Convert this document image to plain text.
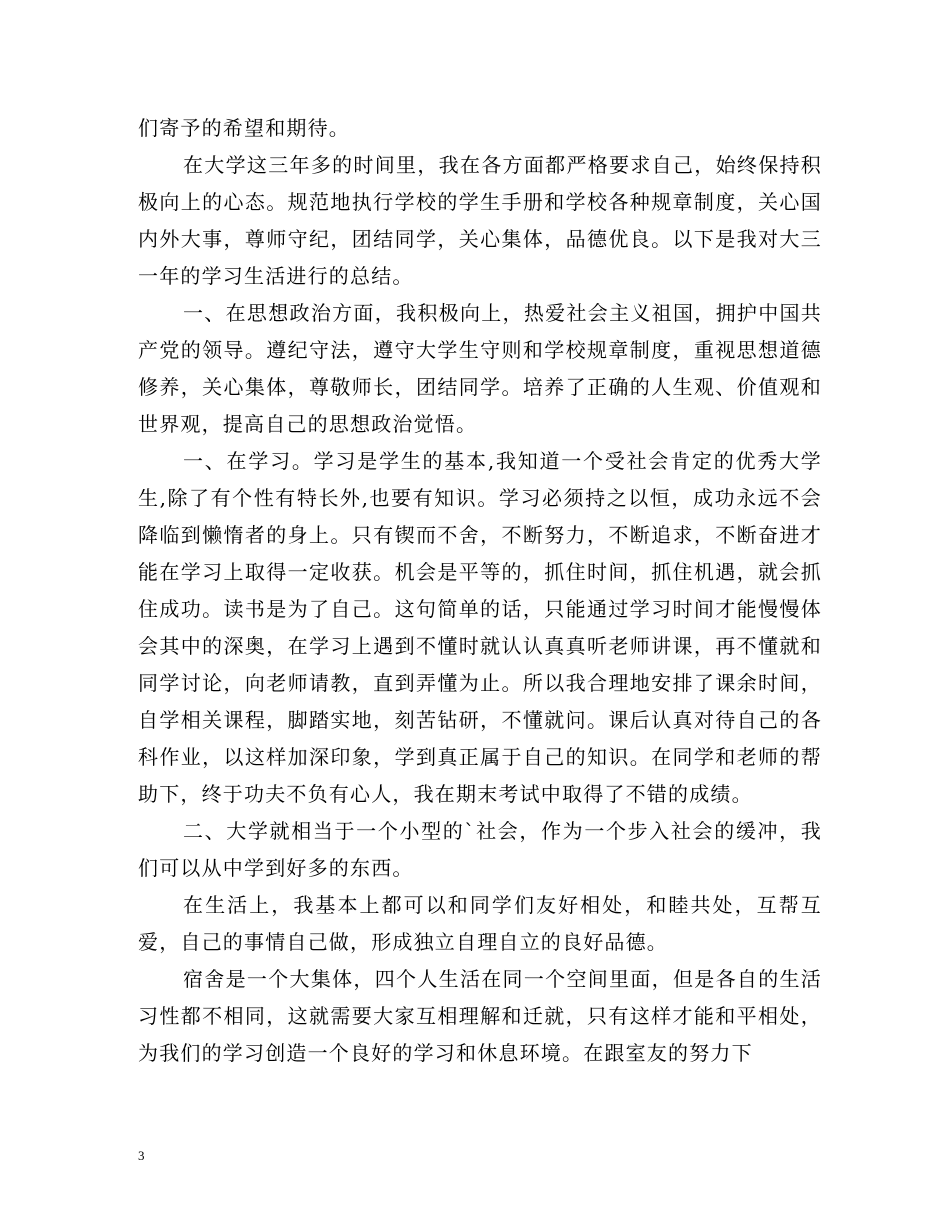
们寄予的希望和期待。

在大学这三年多的时间里，我在各方面都严格要求自己，始终保持积极向上的心态。规范地执行学校的学生手册和学校各种规章制度，关心国内外大事，尊师守纪，团结同学，关心集体，品德优良。以下是我对大三一年的学习生活进行的总结。

一、在思想政治方面，我积极向上，热爱社会主义祖国，拥护中国共产党的领导。遵纪守法，遵守大学生守则和学校规章制度，重视思想道德修养，关心集体，尊敬师长，团结同学。培养了正确的人生观、价值观和世界观，提高自己的思想政治觉悟。

一、在学习。学习是学生的基本,我知道一个受社会肯定的优秀大学生,除了有个性有特长外,也要有知识。学习必须持之以恒，成功永远不会降临到懒惰者的身上。只有锲而不舍，不断努力，不断追求，不断奋进才能在学习上取得一定收获。机会是平等的，抓住时间，抓住机遇，就会抓住成功。读书是为了自己。这句简单的话，只能通过学习时间才能慢慢体会其中的深奥，在学习上遇到不懂时就认认真真听老师讲课，再不懂就和同学讨论，向老师请教，直到弄懂为止。所以我合理地安排了课余时间，自学相关课程，脚踏实地，刻苦钻研，不懂就问。课后认真对待自己的各科作业，以这样加深印象，学到真正属于自己的知识。在同学和老师的帮助下，终于功夫不负有心人，我在期末考试中取得了不错的成绩。

二、大学就相当于一个小型的`社会，作为一个步入社会的缓冲，我们可以从中学到好多的东西。

在生活上，我基本上都可以和同学们友好相处，和睦共处，互帮互爱，自己的事情自己做，形成独立自理自立的良好品德。

宿舍是一个大集体，四个人生活在同一个空间里面，但是各自的生活习性都不相同，这就需要大家互相理解和迁就，只有这样才能和平相处，为我们的学习创造一个良好的学习和休息环境。在跟室友的努力下

3
